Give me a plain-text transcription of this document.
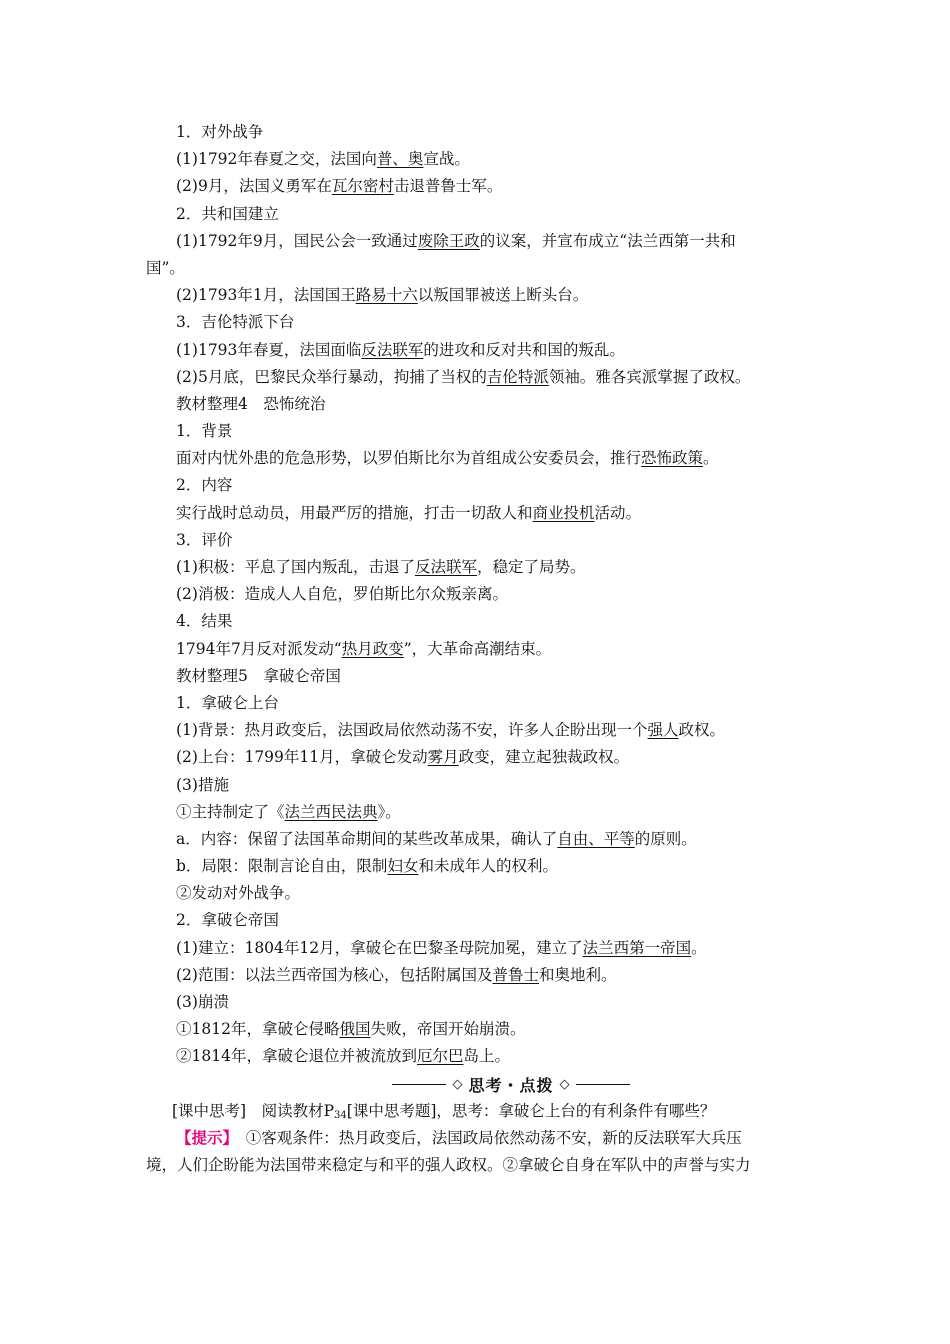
1．对外战争
(1)1792年春夏之交，法国向普、奥宣战。
(2)9月，法国义勇军在瓦尔密村击退普鲁士军。
2．共和国建立
(1)1792年9月，国民公会一致通过废除王政的议案，并宣布成立“法兰西第一共和
国”。
(2)1793年1月，法国国王路易十六以叛国罪被送上断头台。
3．吉伦特派下台
(1)1793年春夏，法国面临反法联军的进攻和反对共和国的叛乱。
(2)5月底，巴黎民众举行暴动，拘捕了当权的吉伦特派领袖。雅各宾派掌握了政权。
教材整理4　恐怖统治
1．背景
面对内忧外患的危急形势，以罗伯斯比尔为首组成公安委员会，推行恐怖政策。
2．内容
实行战时总动员，用最严厉的措施，打击一切敌人和商业投机活动。
3．评价
(1)积极：平息了国内叛乱，击退了反法联军，稳定了局势。
(2)消极：造成人人自危，罗伯斯比尔众叛亲离。
4．结果
1794年7月反对派发动“热月政变”，大革命高潮结束。
教材整理5　拿破仑帝国
1．拿破仑上台
(1)背景：热月政变后，法国政局依然动荡不安，许多人企盼出现一个强人政权。
(2)上台：1799年11月，拿破仑发动雾月政变，建立起独裁政权。
(3)措施
①主持制定了《法兰西民法典》。
a．内容：保留了法国革命期间的某些改革成果，确认了自由、平等的原则。
b．局限：限制言论自由，限制妇女和未成年人的权利。
②发动对外战争。
2．拿破仑帝国
(1)建立：1804年12月，拿破仑在巴黎圣母院加冕，建立了法兰西第一帝国。
(2)范围：以法兰西帝国为核心，包括附属国及普鲁士和奥地利。
(3)崩溃
①1812年，拿破仑侵略俄国失败，帝国开始崩溃。
②1814年，拿破仑退位并被流放到厄尔巴岛上。
◇ 思考・点拨 ◇
[课中思考]　阅读教材$P_{34}$[课中思考题]，思考：拿破仑上台的有利条件有哪些？
【提示】　①客观条件：热月政变后，法国政局依然动荡不安，新的反法联军大兵压
境，人们企盼能为法国带来稳定与和平的强人政权。②拿破仑自身在军队中的声誉与实力
